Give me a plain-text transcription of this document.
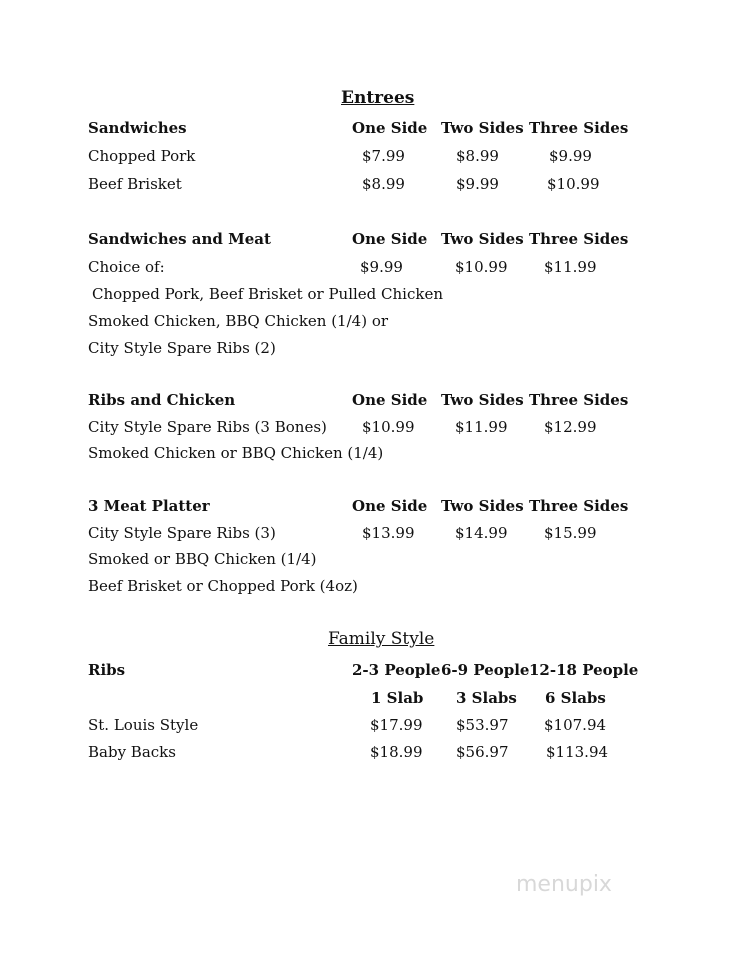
Entrees
Sandwiches	One Side Two Sides Three Sides
Chopped Pork	$7.99	$8.99	$9.99
Beef Brisket	$8.99	$9.99	$10.99
Sandwiches and Meat	One Side Two Sides Three Sides
Choice of:	$9.99	$10.99 $11.99
Chopped Pork, Beef Brisket or Pulled Chicken
Smoked Chicken, BBQ Chicken (1/4) or
City Style Spare Ribs (2)
Ribs and Chicken	One Side Two Sides Three Sides
City Style Spare Ribs (3 Bones) $10.99	$11.99 $12.99
Smoked Chicken or BBQ Chicken (1/4)
3 Meat Platter	One Side Two Sides Three Sides
City Style Spare Ribs (3)	$13.99	$14.99 $15.99
Smoked or BBQ Chicken (1/4)
Beef Brisket or Chopped Pork (4oz)
Family Style
Ribs	2-3 People 6-9 People 12-18 People
1 Slab 3 Slabs 6 Slabs
St. Louis Style	$17.99 $53.97 $107.94
Baby Backs	$18.99 $56.97	$113.94
menupix
